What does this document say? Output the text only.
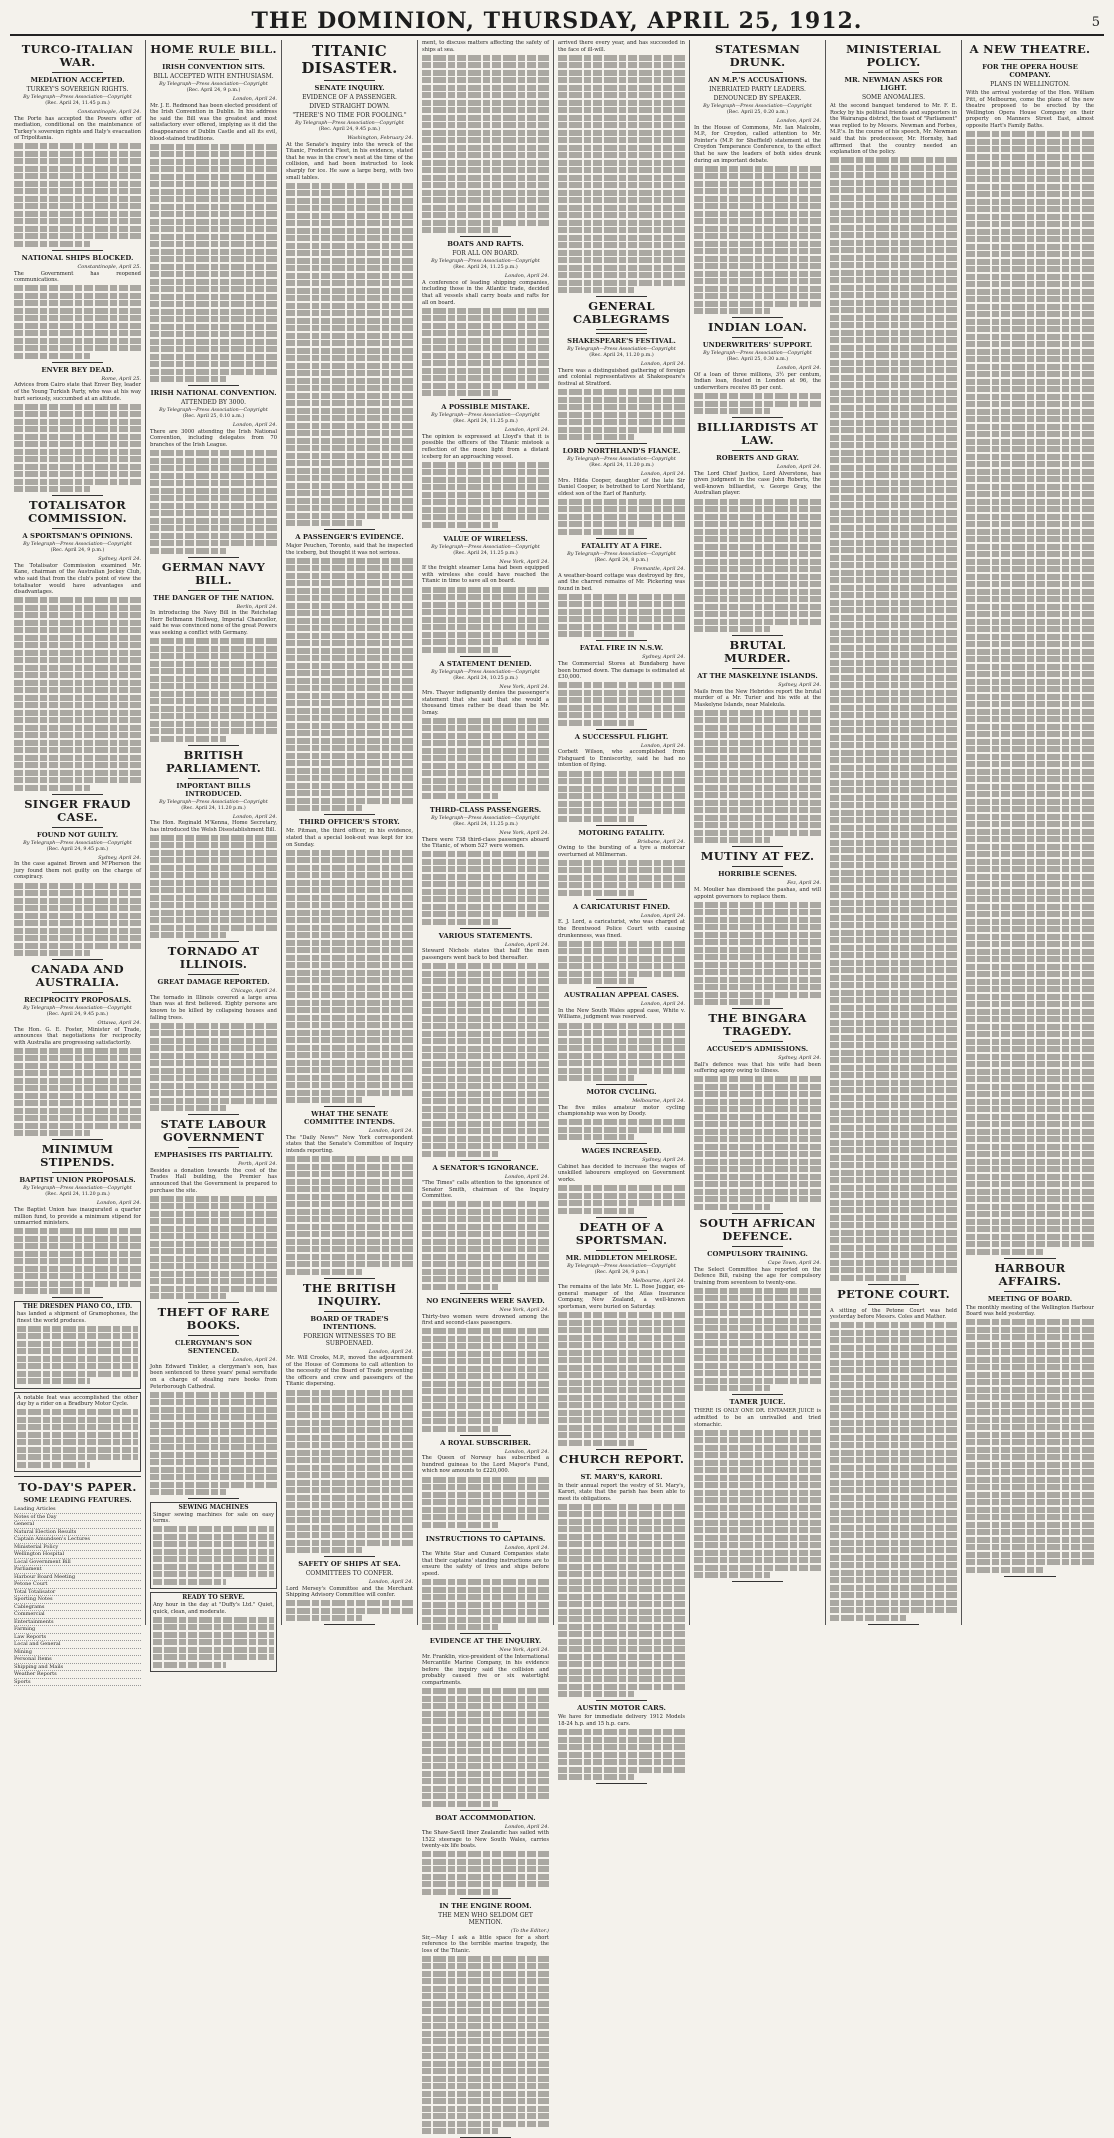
THE DOMINION, THURSDAY, APRIL 25, 1912.	5
TURCO-ITALIAN WAR.
MEDIATION ACCEPTED.
TURKEY'S SOVEREIGN RIGHTS.
By Telegraph—Press Association—Copyright
(Rec. April 24, 11.45 p.m.)
Constantinople, April 24.
The Porte has accepted the Powers offer of mediation, conditional on the maintenance of Turkey's sovereign rights and Italy's evacuation of Tripolitania.
NATIONAL SHIPS BLOCKED.
Constantinople, April 25.
The Government has reopened communications.
ENVER BEY DEAD.
Rome, April 25.
Advices from Cairo state that Enver Bey, leader of the Young Turkish Party, who was at his way hurt seriously, succumbed at an altitude.
TOTALISATOR COMMISSION.
A SPORTSMAN'S OPINIONS.
By Telegraph—Press Association—Copyright
(Rec. April 24, 9 p.m.)
Sydney, April 24.
The Totalisator Commission examined Mr. Kane, chairman of the Australian Jockey Club, who said that from the club's point of view the totalisator would have advantages and disadvantages.
SINGER FRAUD CASE.
FOUND NOT GUILTY.
By Telegraph—Press Association—Copyright
(Rec. April 24, 9.45 p.m.)
Sydney, April 24.
In the case against Brown and M'Pherson the jury found them not guilty on the charge of conspiracy.
CANADA AND AUSTRALIA.
RECIPROCITY PROPOSALS.
By Telegraph—Press Association—Copyright
(Rec. April 24, 9.45 p.m.)
Ottawa, April 24.
The Hon. G. E. Foster, Minister of Trade, announces that negotiations for reciprocity with Australia are progressing satisfactorily.
MINIMUM STIPENDS.
BAPTIST UNION PROPOSALS.
By Telegraph—Press Association—Copyright
(Rec. April 24, 11.20 p.m.)
London, April 24.
The Baptist Union has inaugurated a quarter million fund, to provide a minimum stipend for unmarried ministers.
THE DRESDEN PIANO CO., LTD.
has landed a shipment of Gramophones, the finest the world produces.
A notable feat was accomplished the other day by a rider on a Bradbury Motor Cycle.
TO-DAY'S PAPER.
SOME LEADING FEATURES.
Leading Articles
Notes of the Day
General
Natural Election Results
Captain Amundsen's Lectures
Ministerial Policy
Wellington Hospital
Local Government Bill
Parliament
Harbour Board Meeting
Petone Court
Total Totalisator
Sporting Notes
Cablegrams
Commercial
Entertainments
Farming
Law Reports
Local and General
Mining
Personal Items
Shipping and Mails
Weather Reports
Sports
HOME RULE BILL.
IRISH CONVENTION SITS.
BILL ACCEPTED WITH ENTHUSIASM.
By Telegraph—Press Association—Copyright
(Rec. April 24, 9 p.m.)
London, April 24.
Mr. J. E. Redmond has been elected president of the Irish Convention in Dublin. In his address he said the Bill was the greatest and most satisfactory ever offered, implying as it did the disappearance of Dublin Castle and all its evil, blood-stained traditions.
IRISH NATIONAL CONVENTION.
ATTENDED BY 3000.
By Telegraph—Press Association—Copyright
(Rec. April 25, 0.10 a.m.)
London, April 24.
There are 3000 attending the Irish National Convention, including delegates from 70 branches of the Irish League.
GERMAN NAVY BILL.
THE DANGER OF THE NATION.
Berlin, April 24.
In introducing the Navy Bill in the Reichstag Herr Bethmann Hollweg, Imperial Chancellor, said he was convinced none of the great Powers was seeking a conflict with Germany.
BRITISH PARLIAMENT.
IMPORTANT BILLS INTRODUCED.
By Telegraph—Press Association—Copyright
(Rec. April 24, 11.20 p.m.)
London, April 24.
The Hon. Reginald M'Kenna, Home Secretary, has introduced the Welsh Disestablishment Bill.
TORNADO AT ILLINOIS.
GREAT DAMAGE REPORTED.
Chicago, April 24.
The tornado in Illinois covered a large area than was at first believed. Eighty persons are known to be killed by collapsing houses and falling trees.
STATE LABOUR GOVERNMENT
EMPHASISES ITS PARTIALITY.
Perth, April 24.
Besides a donation towards the cost of the Trades Hall building, the Premier has announced that the Government is prepared to purchase the site.
THEFT OF RARE BOOKS.
CLERGYMAN'S SON SENTENCED.
London, April 24.
John Edward Tinkler, a clergyman's son, has been sentenced to three years' penal servitude on a charge of stealing rare books from Peterborough Cathedral.
SEWING MACHINES
Singer sewing machines for sale on easy terms.
READY TO SERVE.
Any hour in the day at "Duffy's Ltd." Quiet, quick, clean, and moderate.
TITANIC DISASTER.
SENATE INQUIRY.
EVIDENCE OF A PASSENGER.
DIVED STRAIGHT DOWN.
"THERE'S NO TIME FOR FOOLING."
By Telegraph—Press Association—Copyright
(Rec. April 24, 9.45 p.m.)
Washington, February 24.
At the Senate's inquiry into the wreck of the Titanic, Frederick Fleet, in his evidence, stated that he was in the crow's nest at the time of the collision, and had been instructed to look sharply for ice. He saw a large berg, with two small tables.
A PASSENGER'S EVIDENCE.
Major Peuchen, Toronto, said that he inspected the iceberg, but thought it was not serious.
THIRD OFFICER'S STORY.
Mr. Pitman, the third officer, in his evidence, stated that a special look-out was kept for ice on Sunday.
WHAT THE SENATE COMMITTEE INTENDS.
London, April 24.
The "Daily News'" New York correspondent states that the Senate's Committee of Inquiry intends reporting.
THE BRITISH INQUIRY.
BOARD OF TRADE'S INTENTIONS.
FOREIGN WITNESSES TO BE SUBPOENAED.
London, April 24.
Mr. Will Crooks, M.P., moved the adjournment of the House of Commons to call attention to the necessity of the Board of Trade preventing the officers and crew and passengers of the Titanic dispersing.
SAFETY OF SHIPS AT SEA.
COMMITTEES TO CONFER.
London, April 24.
Lord Mersey's Committee and the Merchant Shipping Advisory Committee will confer.
ment, to discuss matters affecting the safety of ships at sea.
BOATS AND RAFTS.
FOR ALL ON BOARD.
By Telegraph—Press Association—Copyright
(Rec. April 24, 11.25 p.m.)
London, April 24.
A conference of leading shipping companies, including those in the Atlantic trade, decided that all vessels shall carry boats and rafts for all on board.
A POSSIBLE MISTAKE.
By Telegraph—Press Association—Copyright
(Rec. April 24, 11.25 p.m.)
London, April 24.
The opinion is expressed at Lloyd's that it is possible the officers of the Titanic mistook a reflection of the moon light from a distant iceberg for an approaching vessel.
VALUE OF WIRELESS.
By Telegraph—Press Association—Copyright
(Rec. April 24, 11.25 p.m.)
New York, April 24.
If the freight steamer Lena had been equipped with wireless she could have reached the Titanic in time to save all on board.
A STATEMENT DENIED.
By Telegraph—Press Association—Copyright
(Rec. April 24, 10.25 p.m.)
New York, April 24.
Mrs. Thayer indignantly denies the passenger's statement that she said that she would a thousand times rather be dead than be Mr. Ismay.
THIRD-CLASS PASSENGERS.
By Telegraph—Press Association—Copyright
(Rec. April 24, 11.25 p.m.)
New York, April 24.
There were 738 third-class passengers aboard the Titanic, of whom 527 were women.
VARIOUS STATEMENTS.
London, April 24.
Steward Nichols states that half the men passengers went back to bed thereafter.
A SENATOR'S IGNORANCE.
London, April 24.
"The Times" calls attention to the ignorance of Senator Smith, chairman of the Inquiry Committee.
NO ENGINEERS WERE SAVED.
New York, April 24.
Thirty-two women were drowned among the first and second-class passengers.
A ROYAL SUBSCRIBER.
London, April 24.
The Queen of Norway has subscribed a hundred guineas to the Lord Mayor's Fund, which now amounts to £220,000.
INSTRUCTIONS TO CAPTAINS.
London, April 24.
The White Star and Cunard Companies state that their captains' standing instructions are to ensure the safety of lives and ships before speed.
EVIDENCE AT THE INQUIRY.
New York, April 24.
Mr. Franklin, vice-president of the International Mercantile Marine Company, in his evidence before the inquiry said the collision and probably caused five or six watertight compartments.
BOAT ACCOMMODATION.
London, April 24.
The Shaw-Savill liner Zealandic has sailed with 1522 steerage to New South Wales, carries twenty-six life boats.
IN THE ENGINE ROOM.
THE MEN WHO SELDOM GET MENTION.
(To the Editor.)
Sir,—May I ask a little space for a short reference to the terrible marine tragedy, the loss of the Titanic.
arrived there every year, and has succeeded in the face of ill-will.
GENERAL CABLEGRAMS
SHAKESPEARE'S FESTIVAL.
By Telegraph—Press Association—Copyright
(Rec. April 24, 11.20 p.m.)
London, April 24.
There was a distinguished gathering of foreign and colonial representatives at Shakespeare's festival at Stratford.
LORD NORTHLAND'S FIANCE.
By Telegraph—Press Association—Copyright
(Rec. April 24, 11.20 p.m.)
London, April 24.
Mrs. Hilda Cooper, daughter of the late Sir Daniel Cooper, is betrothed to Lord Northland, eldest son of the Earl of Ranfurly.
FATALITY AT A FIRE.
By Telegraph—Press Association—Copyright
(Rec. April 24, 8 p.m.)
Fremantle, April 24.
A weather-board cottage was destroyed by fire, and the charred remains of Mr. Pickering was found in bed.
FATAL FIRE IN N.S.W.
Sydney, April 24.
The Commercial Stores at Bundaberg have been burned down. The damage is estimated at £30,000.
A SUCCESSFUL FLIGHT.
London, April 24.
Corbett Wilson, who accomplished from Fishguard to Enniscorthy, said he had no intention of flying.
MOTORING FATALITY.
Brisbane, April 24.
Owing to the bursting of a tyre a motorcar overturned at Millmerran.
A CARICATURIST FINED.
London, April 24.
E. J. Lord, a caricaturist, who was charged at the Brentwood Police Court with causing drunkenness, was fined.
AUSTRALIAN APPEAL CASES.
London, April 24.
In the New South Wales appeal case, White v. Williams, judgment was reserved.
MOTOR CYCLING.
Melbourne, April 24.
The five miles amateur motor cycling championship was won by Doody.
WAGES INCREASED.
Sydney, April 24.
Cabinet has decided to increase the wages of unskilled labourers employed on Government works.
DEATH OF A SPORTSMAN.
MR. MIDDLETON MELROSE.
By Telegraph—Press Association—Copyright
(Rec. April 24, 9 p.m.)
Melbourne, April 24.
The remains of the late Mr. L. Rose Juggar, ex-general manager of the Atlas Insurance Company, New Zealand, a well-known sportsman, were buried on Saturday.
CHURCH REPORT.
ST. MARY'S, KARORI.
In their annual report the vestry of St. Mary's, Karori, state that the parish has been able to meet its obligations.
AUSTIN MOTOR CARS.
We have for immediate delivery 1912 Models 18-24 h.p. and 15 h.p. cars.
STATESMAN DRUNK.
AN M.P.'S ACCUSATIONS.
INEBRIATED PARTY LEADERS.
DENOUNCED BY SPEAKER.
By Telegraph—Press Association—Copyright
(Rec. April 25, 0.20 a.m.)
London, April 24.
In the House of Commons, Mr. Ian Malcolm, M.P., for Croydon, called attention to Mr. Pointer's (M.P. for Sheffield) statement at the Croydon Temperance Conference, to the effect that he saw the leaders of both sides drunk during an important debate.
INDIAN LOAN.
UNDERWRITERS' SUPPORT.
By Telegraph—Press Association—Copyright
(Rec. April 25, 0.30 a.m.)
London, April 24.
Of a loan of three millions, 3½ per centum, Indian loan, floated in London at 96, the underwriters receive 85 per cent.
BILLIARDISTS AT LAW.
ROBERTS AND GRAY.
London, April 24.
The Lord Chief Justice, Lord Alverstone, has given judgment in the case John Roberts, the well-known billiardist, v. George Gray, the Australian player.
BRUTAL MURDER.
AT THE MASKELYNE ISLANDS.
Sydney, April 24.
Mails from the New Hebrides report the brutal murder of a Mr. Turier and his wife at the Maskelyne Islands, near Malekula.
MUTINY AT FEZ.
HORRIBLE SCENES.
Fez, April 24.
M. Moulier has dismissed the pashas, and will appoint governors to replace them.
THE BINGARA TRAGEDY.
ACCUSED'S ADMISSIONS.
Sydney, April 24.
Ball's defence was that his wife had been suffering agony owing to illness.
SOUTH AFRICAN DEFENCE.
COMPULSORY TRAINING.
Cape Town, April 24.
The Select Committee has reported on the Defence Bill, raising the age for compulsory training from seventeen to twenty-one.
TAMER JUICE.
THERE IS ONLY ONE DR. ENTAMER JUICE is admitted to be an unrivalled and tried stomachic.
MINISTERIAL POLICY.
MR. NEWMAN ASKS FOR LIGHT.
SOME ANOMALIES.
At the second banquet tendered to Mr. F. E. Rocky by his political friends and supporters in the Wairarapa district, the toast of "Parliament" was replied to by Messrs. Newman and Forbes, M.P.'s. In the course of his speech, Mr. Newman said that his predecessor, Mr. Hornsby, had affirmed that the country needed an explanation of the policy.
PETONE COURT.
A sitting of the Petone Court was held yesterday before Messrs. Coles and Mather.
A NEW THEATRE.
FOR THE OPERA HOUSE COMPANY.
PLANS IN WELLINGTON.
With the arrival yesterday of the Hon. William Pitt, of Melbourne, come the plans of the new theatre proposed to be erected by the Wellington Opera House Company on their property on Manners Street East, almost opposite Hart's Family Baths.
HARBOUR AFFAIRS.
MEETING OF BOARD.
The monthly meeting of the Wellington Harbour Board was held yesterday.
